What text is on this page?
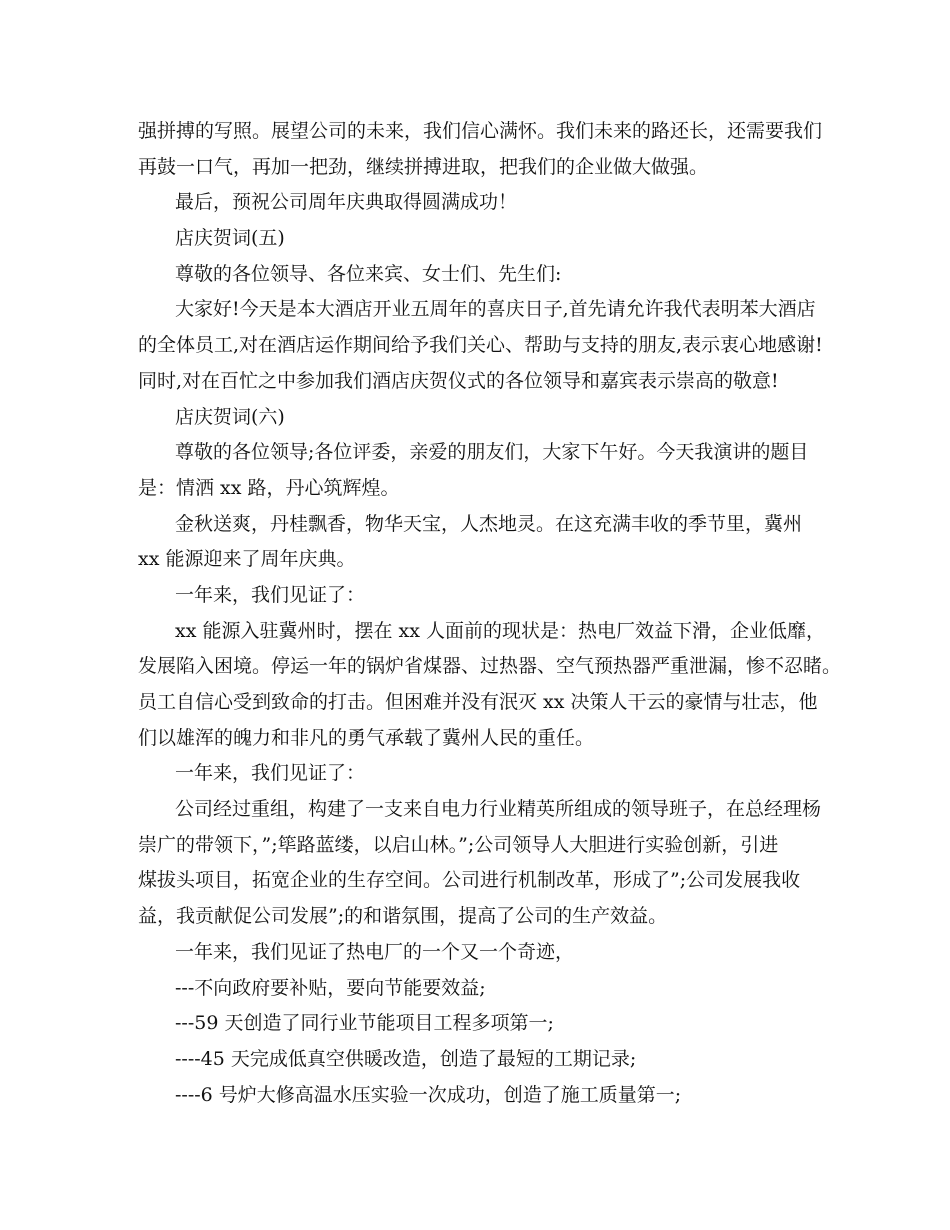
强拼搏的写照。展望公司的未来，我们信心满怀。我们未来的路还长，还需要我们
再鼓一口气，再加一把劲，继续拼搏进取，把我们的企业做大做强。
最后，预祝公司周年庆典取得圆满成功！
店庆贺词(五)
尊敬的各位领导、各位来宾、女士们、先生们:
大家好!今天是本大酒店开业五周年的喜庆日子,首先请允许我代表明苯大酒店
的全体员工,对在酒店运作期间给予我们关心、帮助与支持的朋友,表示衷心地感谢!
同时,对在百忙之中参加我们酒店庆贺仪式的各位领导和嘉宾表示崇高的敬意!
店庆贺词(六)
尊敬的各位领导;各位评委，亲爱的朋友们，大家下午好。今天我演讲的题目
是：情洒 xx 路，丹心筑辉煌。
金秋送爽，丹桂飘香，物华天宝，人杰地灵。在这充满丰收的季节里，冀州
xx 能源迎来了周年庆典。
一年来，我们见证了：
xx 能源入驻冀州时，摆在 xx 人面前的现状是：热电厂效益下滑，企业低靡，
发展陷入困境。停运一年的锅炉省煤器、过热器、空气预热器严重泄漏，惨不忍睹。
员工自信心受到致命的打击。但困难并没有泯灭 xx 决策人干云的豪情与壮志，他
们以雄浑的魄力和非凡的勇气承载了冀州人民的重任。
一年来，我们见证了：
公司经过重组，构建了一支来自电力行业精英所组成的领导班子，在总经理杨
崇广的带领下，”;筚路蓝缕，以启山林。”;公司领导人大胆进行实验创新，引进
煤拔头项目，拓宽企业的生存空间。公司进行机制改革，形成了”;公司发展我收
益，我贡献促公司发展”;的和谐氛围，提高了公司的生产效益。
一年来，我们见证了热电厂的一个又一个奇迹，
---不向政府要补贴，要向节能要效益;
---59 天创造了同行业节能项目工程多项第一;
----45 天完成低真空供暖改造，创造了最短的工期记录;
----6 号炉大修高温水压实验一次成功，创造了施工质量第一;
